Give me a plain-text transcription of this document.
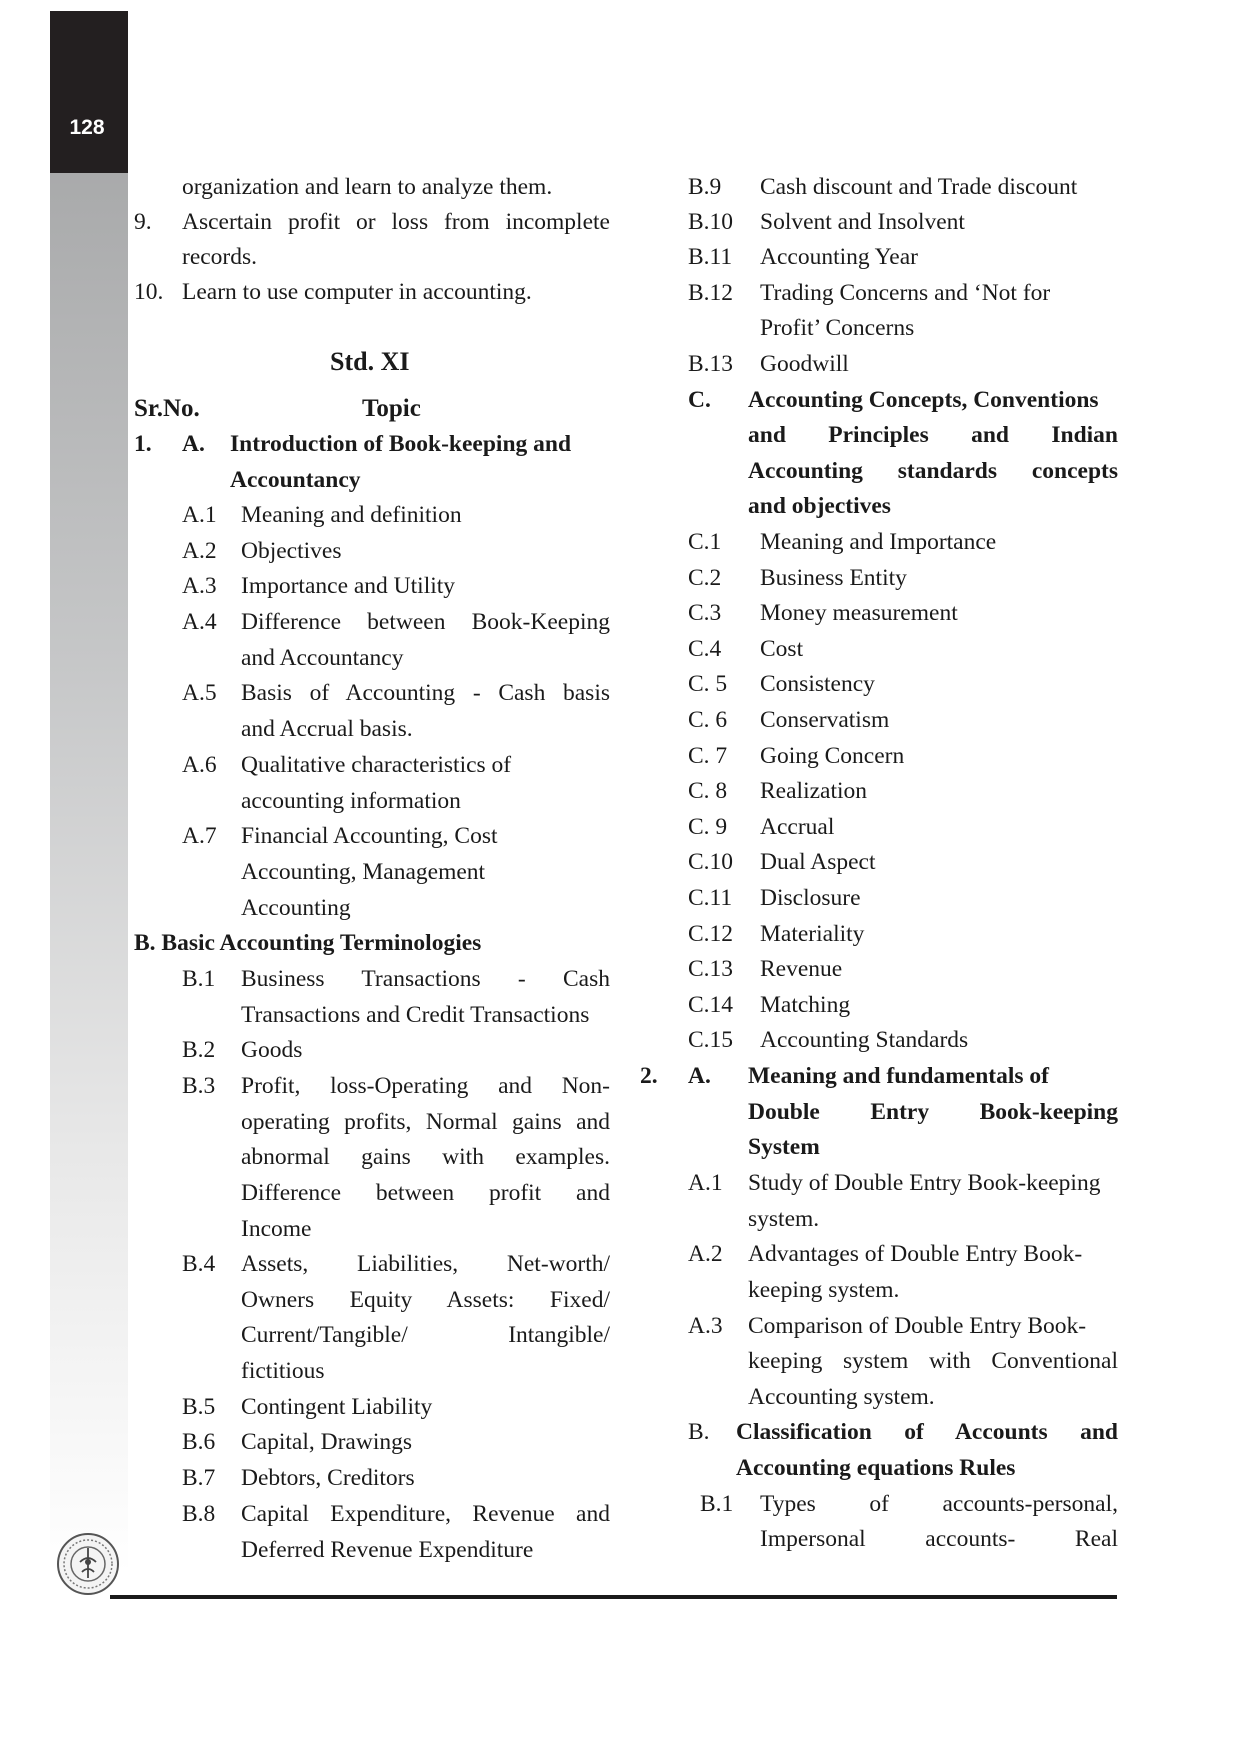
128
organization and learn to analyze them.
9. Ascertain profit or loss from incomplete
records.
10. Learn to use computer in accounting.
Std. XI
Sr.No.	Topic
1. A. Introduction of Book-keeping and
Accountancy
A.1 Meaning and definition
A.2 Objectives
A.3 Importance and Utility
A.4 Difference between Book-Keeping
and Accountancy
A.5 Basis of Accounting - Cash basis
and Accrual basis.
A.6 Qualitative characteristics of
accounting information
A.7 Financial Accounting, Cost
Accounting, Management
Accounting
B. Basic Accounting Terminologies
B.1 Business Transactions - Cash
Transactions and Credit Transactions
B.2 Goods
B.3 Profit, loss-Operating and Non-
operating profits, Normal gains and
abnormal gains with examples.
Difference between profit and
Income
B.4 Assets, Liabilities, Net-worth/
Owners Equity Assets: Fixed/
Current/Tangible/ Intangible/
fictitious
B.5 Contingent Liability
B.6 Capital, Drawings
B.7 Debtors, Creditors
B.8 Capital Expenditure, Revenue and
Deferred Revenue Expenditure
B.9 Cash discount and Trade discount
B.10 Solvent and Insolvent
B.11 Accounting Year
B.12 Trading Concerns and ‘Not for
Profit’ Concerns
B.13 Goodwill
C. Accounting Concepts, Conventions
and Principles and Indian
Accounting standards concepts
and objectives
C.1 Meaning and Importance
C.2 Business Entity
C.3 Money measurement
C.4 Cost
C. 5 Consistency
C. 6 Conservatism
C. 7 Going Concern
C. 8 Realization
C. 9 Accrual
C.10 Dual Aspect
C.11 Disclosure
C.12 Materiality
C.13 Revenue
C.14 Matching
C.15 Accounting Standards
2. A. Meaning and fundamentals of
Double Entry Book-keeping
System
A.1 Study of Double Entry Book-keeping
system.
A.2 Advantages of Double Entry Book-
keeping system.
A.3 Comparison of Double Entry Book-
keeping system with Conventional
Accounting system.
B. Classification of Accounts and
Accounting equations Rules
B.1 Types of accounts-personal,
Impersonal accounts- Real
